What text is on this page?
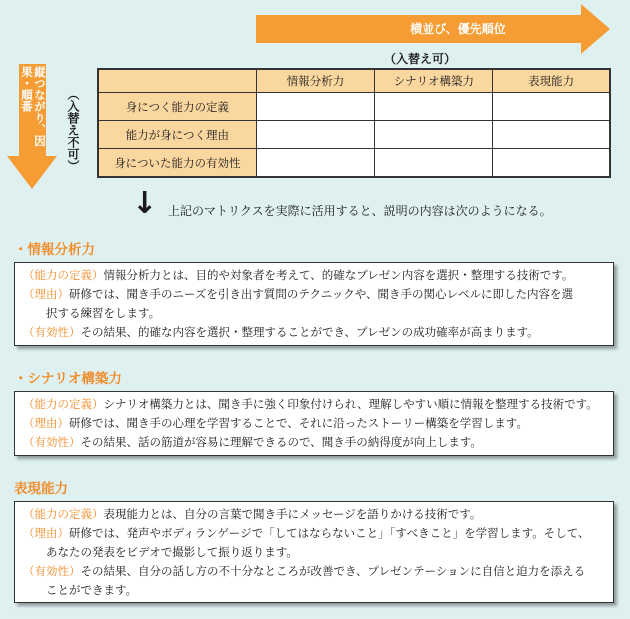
横並び、優先順位
（入替え可）
縦つながり、因果・順番	（入替え不可）
	情報分析力	シナリオ構築力	表現能力
身につく能力の定義			
能力が身につく理由			
身についた能力の有効性			
↓ 上記のマトリクスを実際に活用すると、説明の内容は次のようになる。
・情報分析力
（能力の定義）情報分析力とは、目的や対象者を考えて、的確なプレゼン内容を選択・整理する技術です。
（理由）研修では、聞き手のニーズを引き出す質問のテクニックや、聞き手の関心レベルに即した内容を選
択する練習をします。
（有効性）その結果、的確な内容を選択・整理することができ、プレゼンの成功確率が高まります。
・シナリオ構築力
（能力の定義）シナリオ構築力とは、聞き手に強く印象付けられ、理解しやすい順に情報を整理する技術です。
（理由）研修では、聞き手の心理を学習することで、それに沿ったストーリー構築を学習します。
（有効性）その結果、話の筋道が容易に理解できるので、聞き手の納得度が向上します。
表現能力
（能力の定義）表現能力とは、自分の言葉で聞き手にメッセージを語りかける技術です。
（理由）研修では、発声やボディランゲージで「してはならないこと」「すべきこと」を学習します。そして、
あなたの発表をビデオで撮影して振り返ります。
（有効性）その結果、自分の話し方の不十分なところが改善でき、プレゼンテーションに自信と迫力を添える
ことができます。
